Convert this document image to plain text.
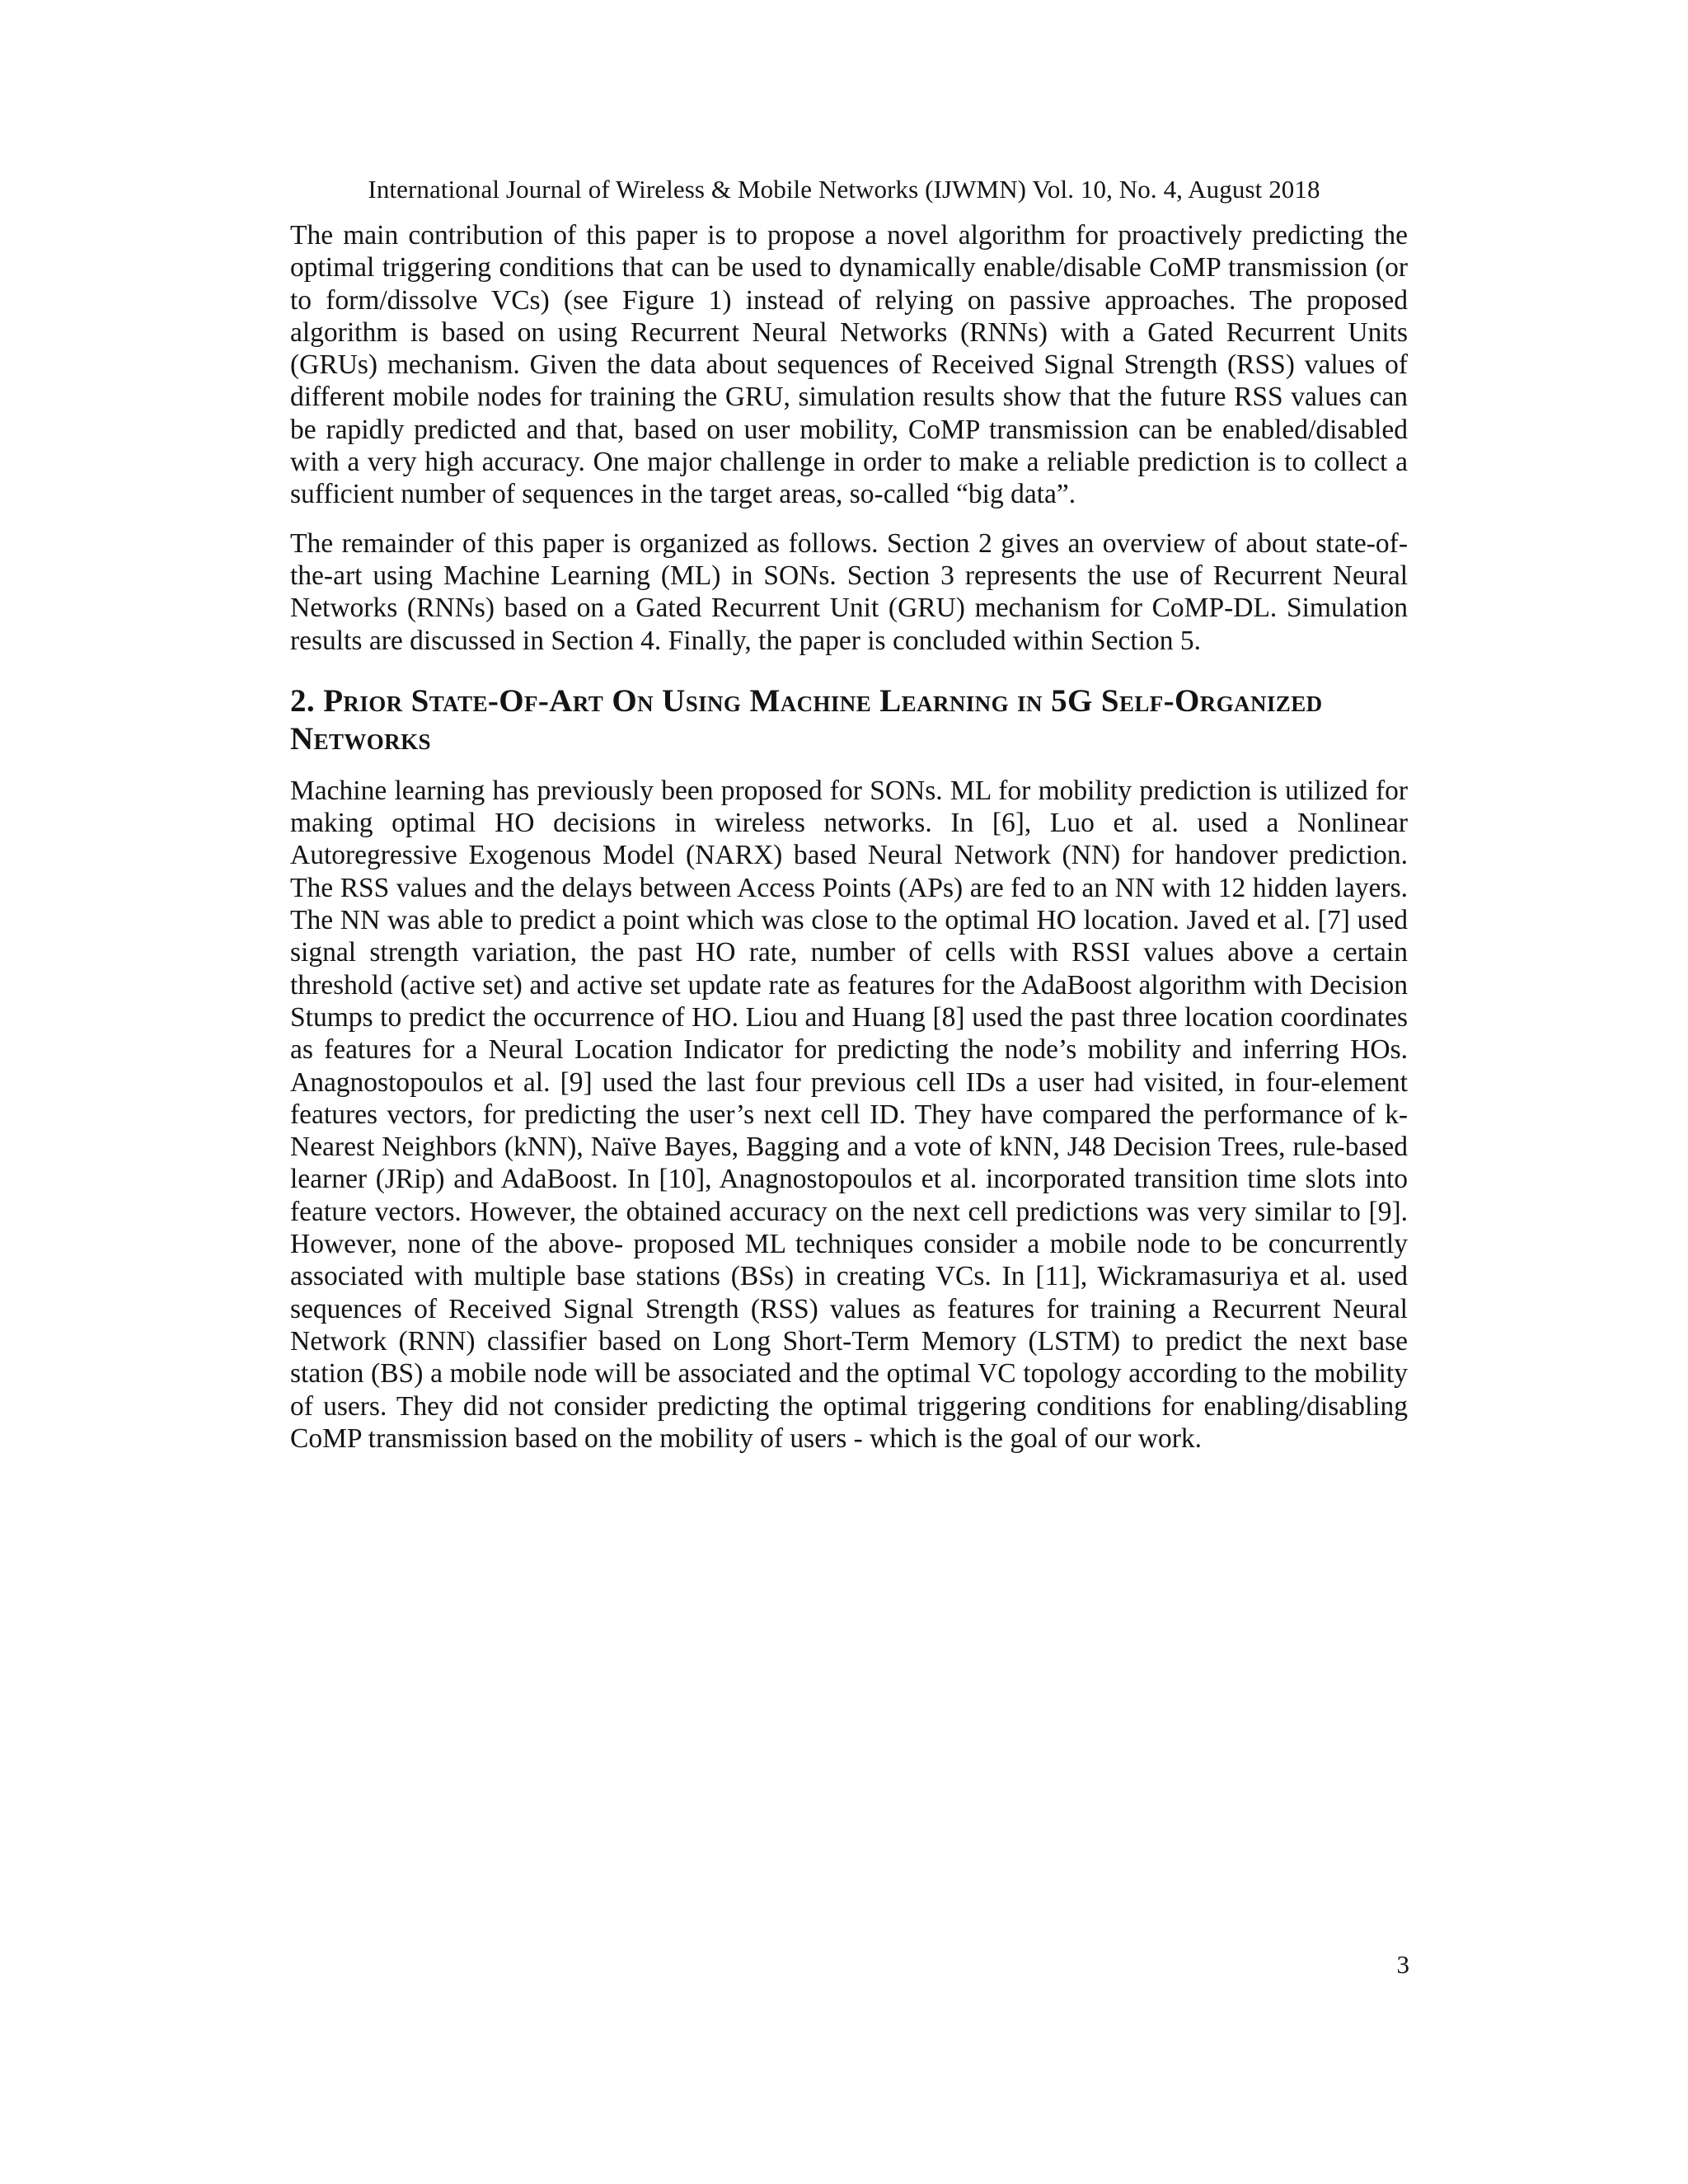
International Journal of Wireless & Mobile Networks (IJWMN) Vol. 10, No. 4, August 2018

The main contribution of this paper is to propose a novel algorithm for proactively predicting the optimal triggering conditions that can be used to dynamically enable/disable CoMP transmission (or to form/dissolve VCs) (see Figure 1) instead of relying on passive approaches. The proposed algorithm is based on using Recurrent Neural Networks (RNNs) with a Gated Recurrent Units (GRUs) mechanism. Given the data about sequences of Received Signal Strength (RSS) values of different mobile nodes for training the GRU, simulation results show that the future RSS values can be rapidly predicted and that, based on user mobility, CoMP transmission can be enabled/disabled with a very high accuracy. One major challenge in order to make a reliable prediction is to collect a sufficient number of sequences in the target areas, so-called “big data”.

The remainder of this paper is organized as follows. Section 2 gives an overview of about state-of-the-art using Machine Learning (ML) in SONs. Section 3 represents the use of Recurrent Neural Networks (RNNs) based on a Gated Recurrent Unit (GRU) mechanism for CoMP-DL. Simulation results are discussed in Section 4. Finally, the paper is concluded within Section 5.

2. Prior State-Of-Art On Using Machine Learning in 5G Self-Organized Networks

Machine learning has previously been proposed for SONs. ML for mobility prediction is utilized for making optimal HO decisions in wireless networks. In [6], Luo et al. used a Nonlinear Autoregressive Exogenous Model (NARX) based Neural Network (NN) for handover prediction. The RSS values and the delays between Access Points (APs) are fed to an NN with 12 hidden layers. The NN was able to predict a point which was close to the optimal HO location. Javed et al. [7] used signal strength variation, the past HO rate, number of cells with RSSI values above a certain threshold (active set) and active set update rate as features for the AdaBoost algorithm with Decision Stumps to predict the occurrence of HO. Liou and Huang [8] used the past three location coordinates as features for a Neural Location Indicator for predicting the node’s mobility and inferring HOs. Anagnostopoulos et al. [9] used the last four previous cell IDs a user had visited, in four-element features vectors, for predicting the user’s next cell ID. They have compared the performance of k-Nearest Neighbors (kNN), Naïve Bayes, Bagging and a vote of kNN, J48 Decision Trees, rule-based learner (JRip) and AdaBoost. In [10], Anagnostopoulos et al. incorporated transition time slots into feature vectors. However, the obtained accuracy on the next cell predictions was very similar to [9]. However, none of the above- proposed ML techniques consider a mobile node to be concurrently associated with multiple base stations (BSs) in creating VCs. In [11], Wickramasuriya et al. used sequences of Received Signal Strength (RSS) values as features for training a Recurrent Neural Network (RNN) classifier based on Long Short-Term Memory (LSTM) to predict the next base station (BS) a mobile node will be associated and the optimal VC topology according to the mobility of users. They did not consider predicting the optimal triggering conditions for enabling/disabling CoMP transmission based on the mobility of users - which is the goal of our work.

3
